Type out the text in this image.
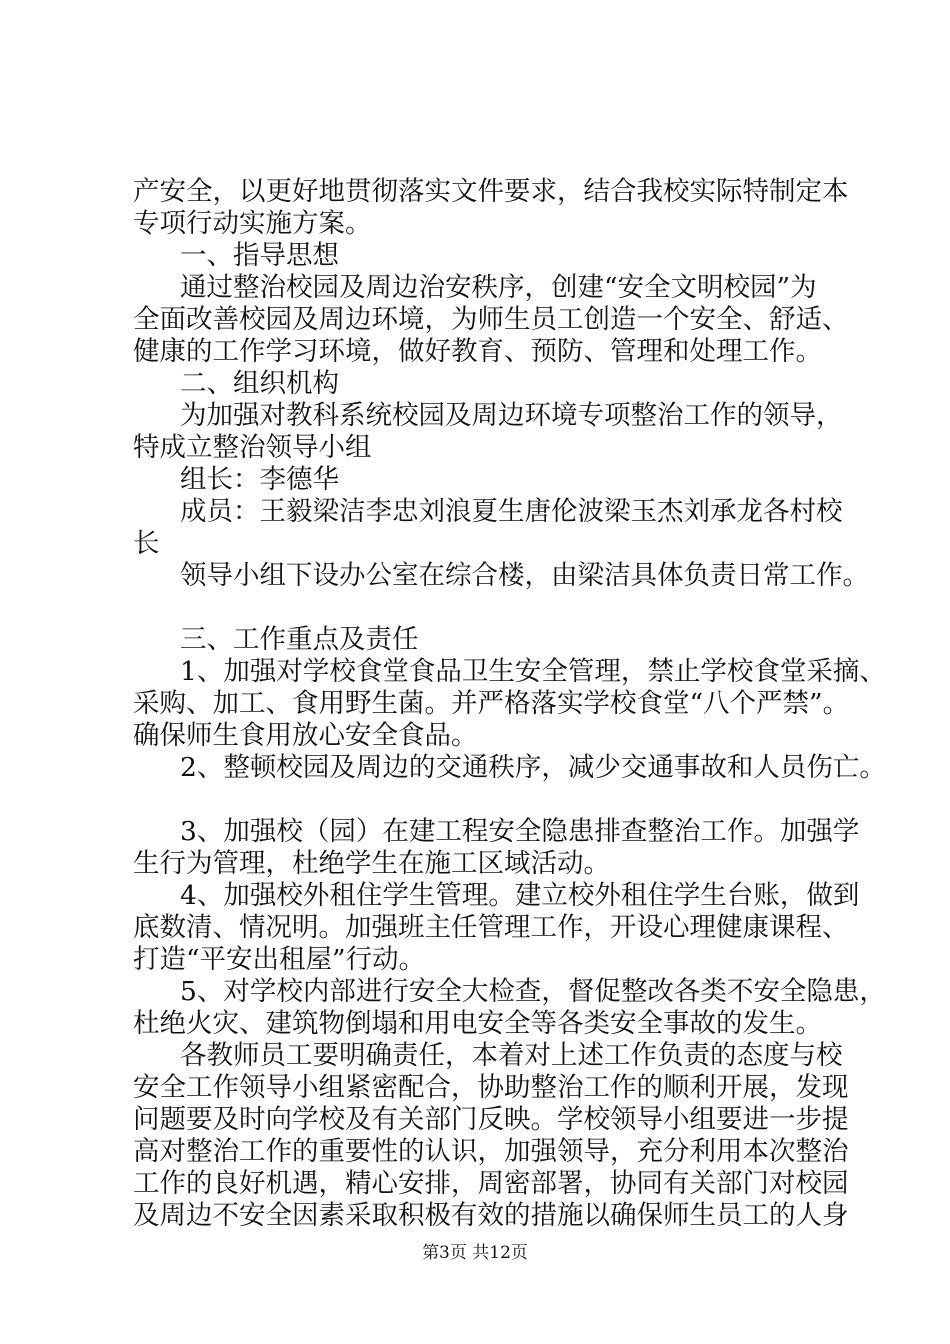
产安全，以更好地贯彻落实文件要求，结合我校实际特制定本
专项行动实施方案。
一、指导思想
通过整治校园及周边治安秩序，创建“安全文明校园”为
全面改善校园及周边环境，为师生员工创造一个安全、舒适、
健康的工作学习环境，做好教育、预防、管理和处理工作。
二、组织机构
为加强对教科系统校园及周边环境专项整治工作的领导，
特成立整治领导小组
组长：李德华
成员：王毅梁洁李忠刘浪夏生唐伦波梁玉杰刘承龙各村校
长
领导小组下设办公室在综合楼，由梁洁具体负责日常工作。
三、工作重点及责任
1、加强对学校食堂食品卫生安全管理，禁止学校食堂采摘、
采购、加工、食用野生菌。并严格落实学校食堂“八个严禁”。
确保师生食用放心安全食品。
2、整顿校园及周边的交通秩序，减少交通事故和人员伤亡。
3、加强校（园）在建工程安全隐患排查整治工作。加强学
生行为管理，杜绝学生在施工区域活动。
4、加强校外租住学生管理。建立校外租住学生台账，做到
底数清、情况明。加强班主任管理工作，开设心理健康课程、
打造“平安出租屋”行动。
5、对学校内部进行安全大检查，督促整改各类不安全隐患，
杜绝火灾、建筑物倒塌和用电安全等各类安全事故的发生。
各教师员工要明确责任，本着对上述工作负责的态度与校
安全工作领导小组紧密配合，协助整治工作的顺利开展，发现
问题要及时向学校及有关部门反映。学校领导小组要进一步提
高对整治工作的重要性的认识，加强领导，充分利用本次整治
工作的良好机遇，精心安排，周密部署，协同有关部门对校园
及周边不安全因素采取积极有效的措施以确保师生员工的人身
第3页 共12页
